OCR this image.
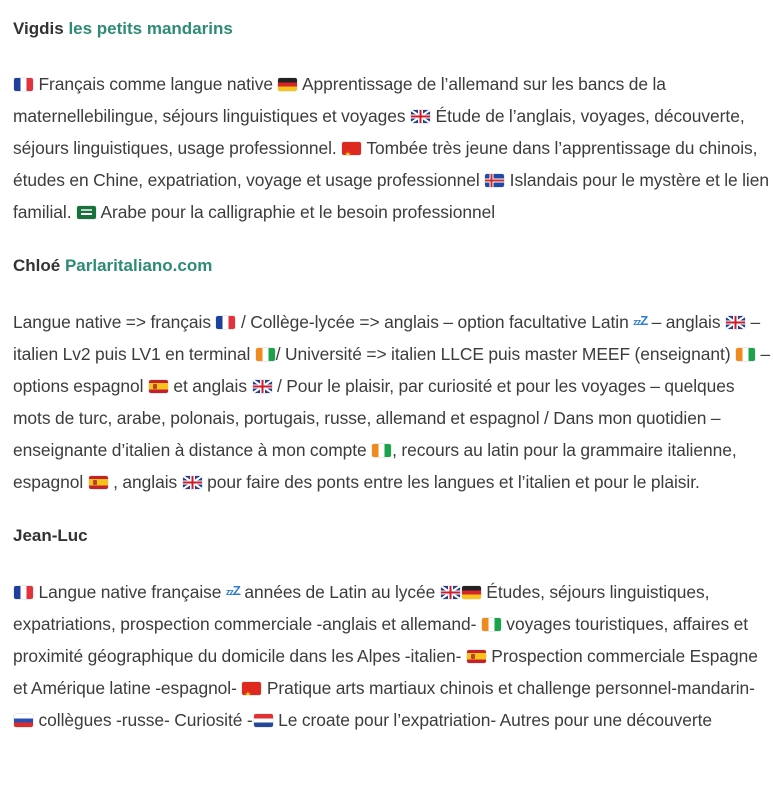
Vigdis les petits mandarins

Français comme langue native  Apprentissage de l’allemand sur les bancs de la maternellebilingue, séjours linguistiques et voyages  Étude de l’anglais, voyages, découverte, séjours linguistiques, usage professionnel. ★ Tombée très jeune dans l’apprentissage du chinois, études en Chine, expatriation, voyage et usage professionnel  Islandais pour le mystère et le lien familial.  Arabe pour la calligraphie et le besoin professionnel

Chloé Parlaritaliano.com

Langue native => français  / Collège-lycée => anglais – option facultative Latin zzZ – anglais  – italien Lv2 puis LV1 en terminal / Université => italien LLCE puis master MEEF (enseignant)  – options espagnol  et anglais  / Pour le plaisir, par curiosité et pour les voyages – quelques mots de turc, arabe, polonais, portugais, russe, allemand et espagnol / Dans mon quotidien – enseignante d’italien à distance à mon compte , recours au latin pour la grammaire italienne, espagnol  , anglais  pour faire des ponts entre les langues et l’italien et pour le plaisir.

Jean-Luc

Langue native française zzZ années de Latin au lycée  Études, séjours linguistiques, expatriations, prospection commerciale -anglais et allemand-  voyages touristiques, affaires et proximité géographique du domicile dans les Alpes -italien-  Prospection commerciale Espagne et Amérique latine -espagnol- ★ Pratique arts martiaux chinois et challenge personnel-mandarin-  collègues -russe- Curiosité - Le croate pour l’expatriation- Autres pour une découverte
